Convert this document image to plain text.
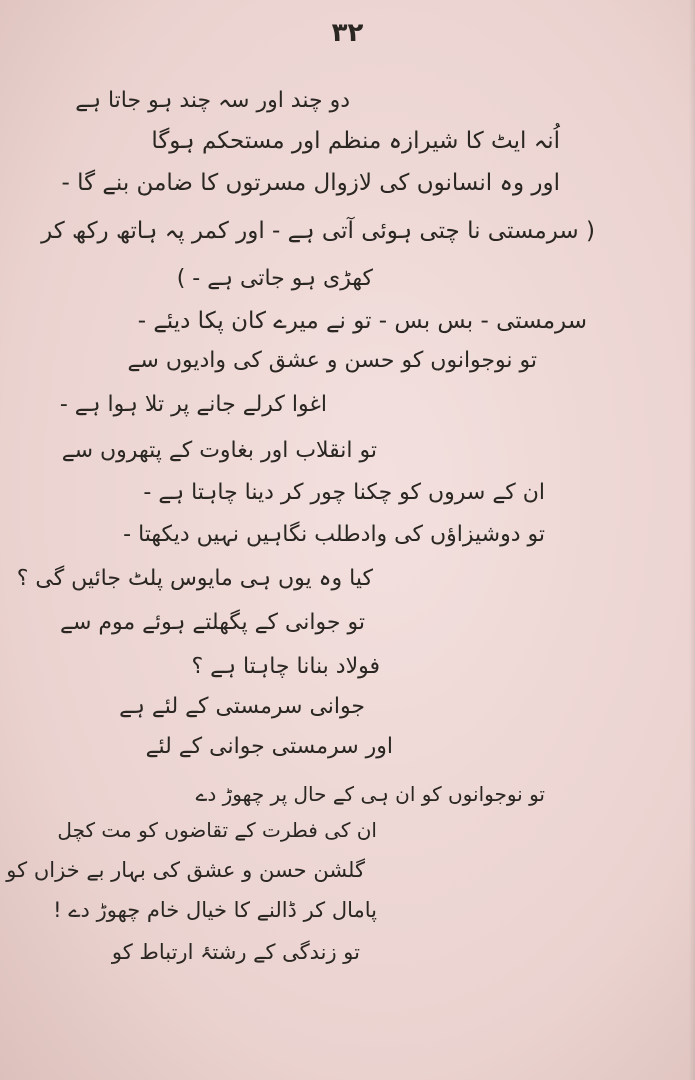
۳۲
دو چند اور سہ چند ہو جاتا ہے
اُنہ ایٹ کا شیرازہ منظم اور مستحکم ہوگا
اور وہ انسانوں کی لازوال مسرتوں کا ضامن بنے گا -
( سرمستی نا چتی ہوئی آتی ہے - اور کمر پہ ہاتھ رکھ کر
کھڑی ہو جاتی ہے - )
سرمستی - بس بس - تو نے میرے کان پکا دیئے -
تو نوجوانوں کو حسن و عشق کی وادیوں سے
اغوا کرلے جانے پر تلا ہوا ہے -
تو انقلاب اور بغاوت کے پتھروں سے
ان کے سروں کو چکنا چور کر دینا چاہتا ہے -
تو دوشیزاؤں کی وادطلب نگاہیں نہیں دیکھتا -
کیا وہ یوں ہی مایوس پلٹ جائیں گی ؟
تو جوانی کے پگھلتے ہوئے موم سے
فولاد بنانا چاہتا ہے ؟
جوانی سرمستی کے لئے ہے
اور سرمستی جوانی کے لئے
تو نوجوانوں کو ان ہی کے حال پر چھوڑ دے
ان کی فطرت کے تقاضوں کو مت کچل
گلشن حسن و عشق کی بہار بے خزاں کو
پامال کر ڈالنے کا خیال خام چھوڑ دے !
تو زندگی کے رشتۂ ارتباط کو
